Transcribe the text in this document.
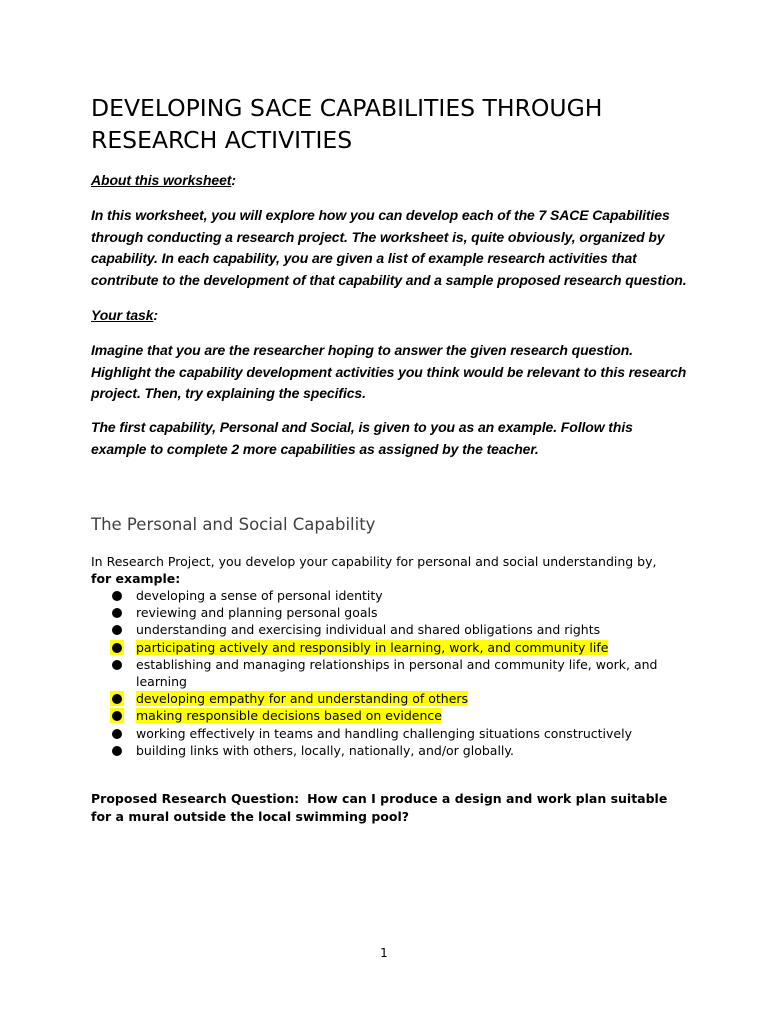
DEVELOPING SACE CAPABILITIES THROUGH
RESEARCH ACTIVITIES

About this worksheet:

In this worksheet, you will explore how you can develop each of the 7 SACE Capabilities through conducting a research project. The worksheet is, quite obviously, organized by capability. In each capability, you are given a list of example research activities that contribute to the development of that capability and a sample proposed research question.

Your task:

Imagine that you are the researcher hoping to answer the given research question. Highlight the capability development activities you think would be relevant to this research project. Then, try explaining the specifics.

The first capability, Personal and Social, is given to you as an example. Follow this example to complete 2 more capabilities as assigned by the teacher.

The Personal and Social Capability

In Research Project, you develop your capability for personal and social understanding by,
for example:

developing a sense of personal identity
reviewing and planning personal goals
understanding and exercising individual and shared obligations and rights
participating actively and responsibly in learning, work, and community life
establishing and managing relationships in personal and community life, work, and learning
developing empathy for and understanding of others
making responsible decisions based on evidence
working effectively in teams and handling challenging situations constructively
building links with others, locally, nationally, and/or globally.

Proposed Research Question: How can I produce a design and work plan suitable for a mural outside the local swimming pool?

1
